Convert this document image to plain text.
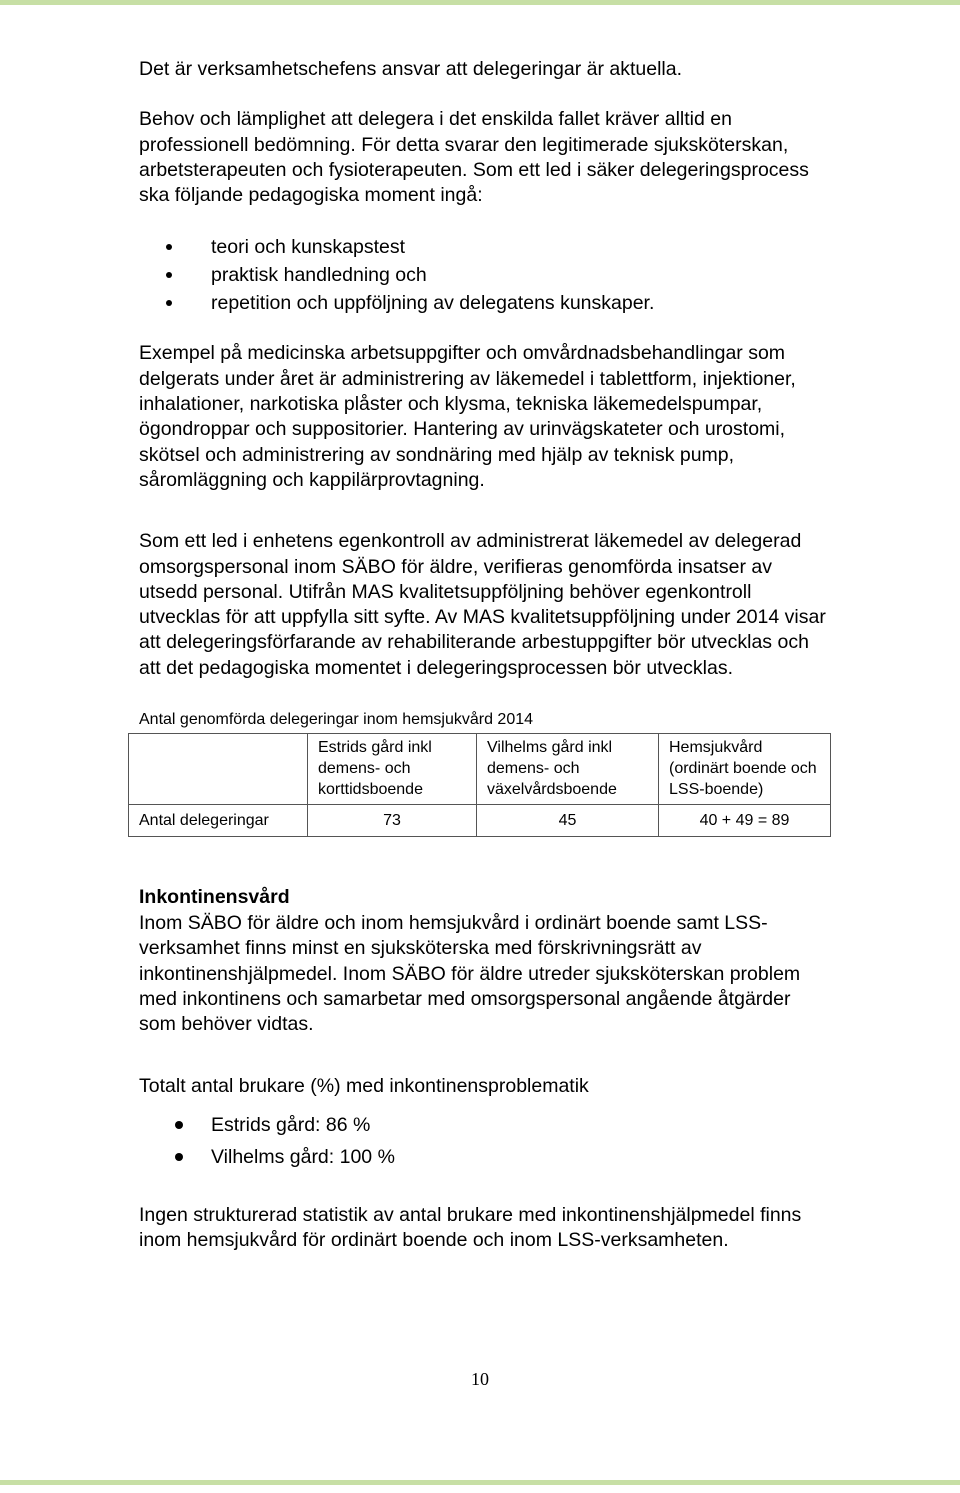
Det är verksamhetschefens ansvar att delegeringar är aktuella.

Behov och lämplighet att delegera i det enskilda fallet kräver alltid en professionell bedömning. För detta svarar den legitimerade sjuksköterskan, arbetsterapeuten och fysioterapeuten. Som ett led i säker delegeringsprocess ska följande pedagogiska moment ingå:

teori och kunskapstest
praktisk handledning och
repetition och uppföljning av delegatens kunskaper.

Exempel på medicinska arbetsuppgifter och omvårdnadsbehandlingar som delgerats under året är administrering av läkemedel i tablettform, injektioner, inhalationer, narkotiska plåster och klysma, tekniska läkemedelspumpar, ögondroppar och suppositorier. Hantering av urinvägskateter och urostomi, skötsel och administrering av sondnäring med hjälp av teknisk pump, såromläggning och kappilärprovtagning.

Som ett led i enhetens egenkontroll av administrerat läkemedel av delegerad omsorgspersonal inom SÄBO för äldre, verifieras genomförda insatser av utsedd personal. Utifrån MAS kvalitetsuppföljning behöver egenkontroll utvecklas för att uppfylla sitt syfte. Av MAS kvalitetsuppföljning under 2014 visar att delegeringsförfarande av rehabiliterande arbestuppgifter bör utvecklas och att det pedagogiska momentet i delegeringsprocessen bör utvecklas.

Antal genomförda delegeringar inom hemsjukvård 2014
	Estrids gård inkl demens- och korttidsboende	Vilhelms gård inkl demens- och växelvårdsboende	Hemsjukvård (ordinärt boende och LSS-boende)
Antal delegeringar	73	45	40 + 49 = 89
Inkontinensvård

Inom SÄBO för äldre och inom hemsjukvård i ordinärt boende samt LSS-verksamhet finns minst en sjuksköterska med förskrivningsrätt av inkontinenshjälpmedel. Inom SÄBO för äldre utreder sjuksköterskan problem med inkontinens och samarbetar med omsorgspersonal angående åtgärder som behöver vidtas.

Totalt antal brukare (%) med inkontinensproblematik

Estrids gård: 86 %
Vilhelms gård: 100 %

Ingen strukturerad statistik av antal brukare med inkontinenshjälpmedel finns inom hemsjukvård för ordinärt boende och inom LSS-verksamheten.

10
